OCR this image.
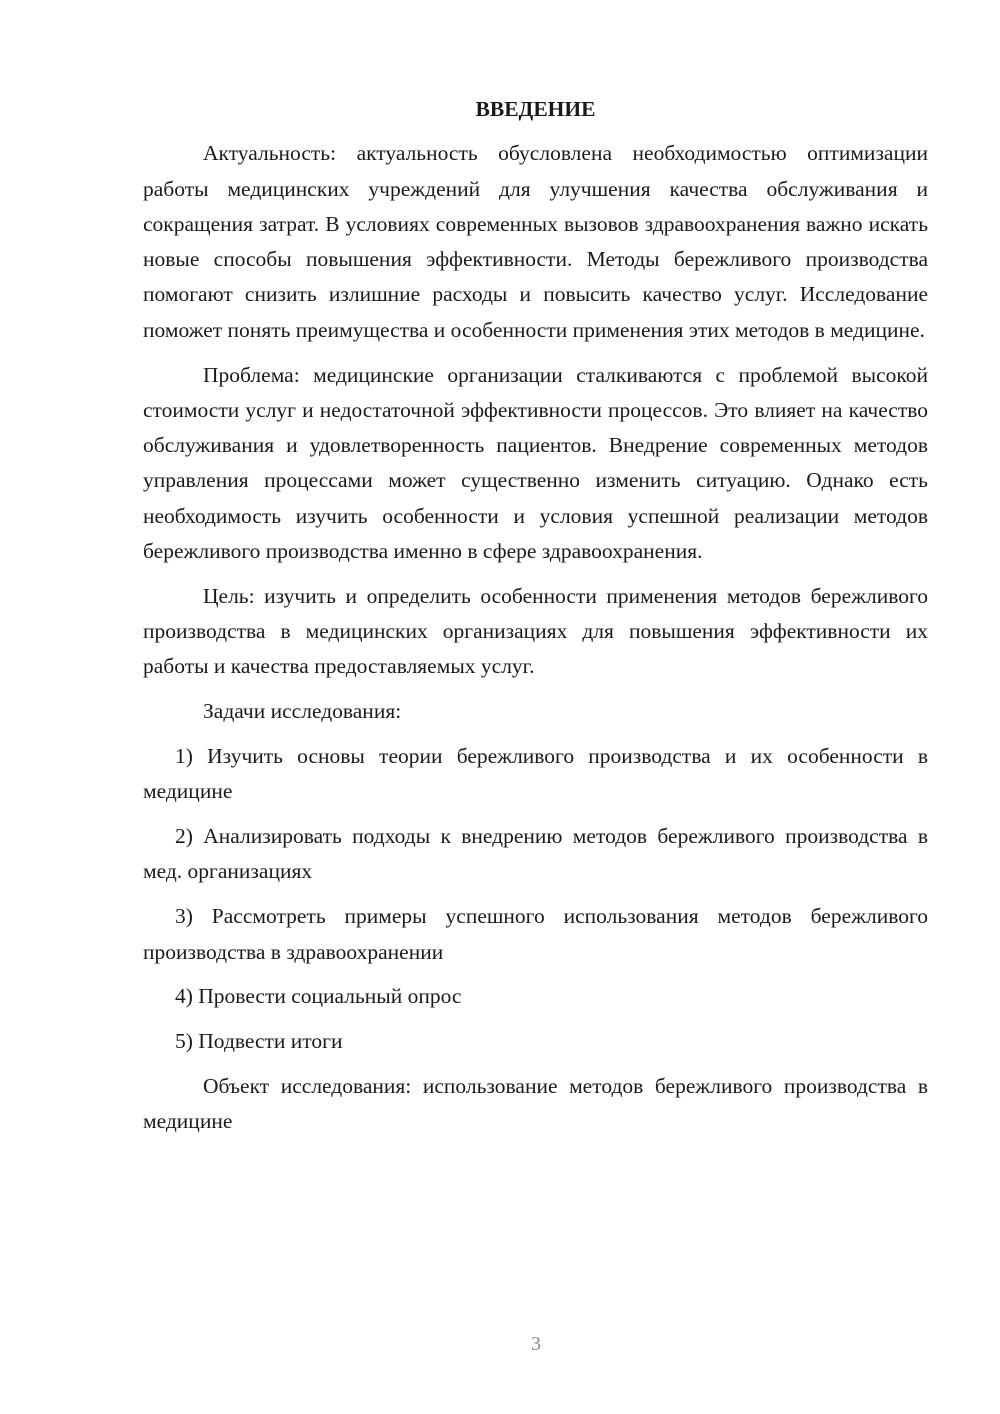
ВВЕДЕНИЕ

Актуальность: актуальность обусловлена необходимостью оптимизации работы медицинских учреждений для улучшения качества обслуживания и сокращения затрат. В условиях современных вызовов здравоохранения важно искать новые способы повышения эффективности. Методы бережливого производства помогают снизить излишние расходы и повысить качество услуг. Исследование поможет понять преимущества и особенности применения этих методов в медицине.

Проблема: медицинские организации сталкиваются с проблемой высокой стоимости услуг и недостаточной эффективности процессов. Это влияет на качество обслуживания и удовлетворенность пациентов. Внедрение современных методов управления процессами может существенно изменить ситуацию. Однако есть необходимость изучить особенности и условия успешной реализации методов бережливого производства именно в сфере здравоохранения.

Цель: изучить и определить особенности применения методов бережливого производства в медицинских организациях для повышения эффективности их работы и качества предоставляемых услуг.

Задачи исследования:

1) Изучить основы теории бережливого производства и их особенности в медицине

2) Анализировать подходы к внедрению методов бережливого производства в мед. организациях

3) Рассмотреть примеры успешного использования методов бережливого производства в здравоохранении

4) Провести социальный опрос

5) Подвести итоги

Объект исследования: использование методов бережливого производства в медицине

3
